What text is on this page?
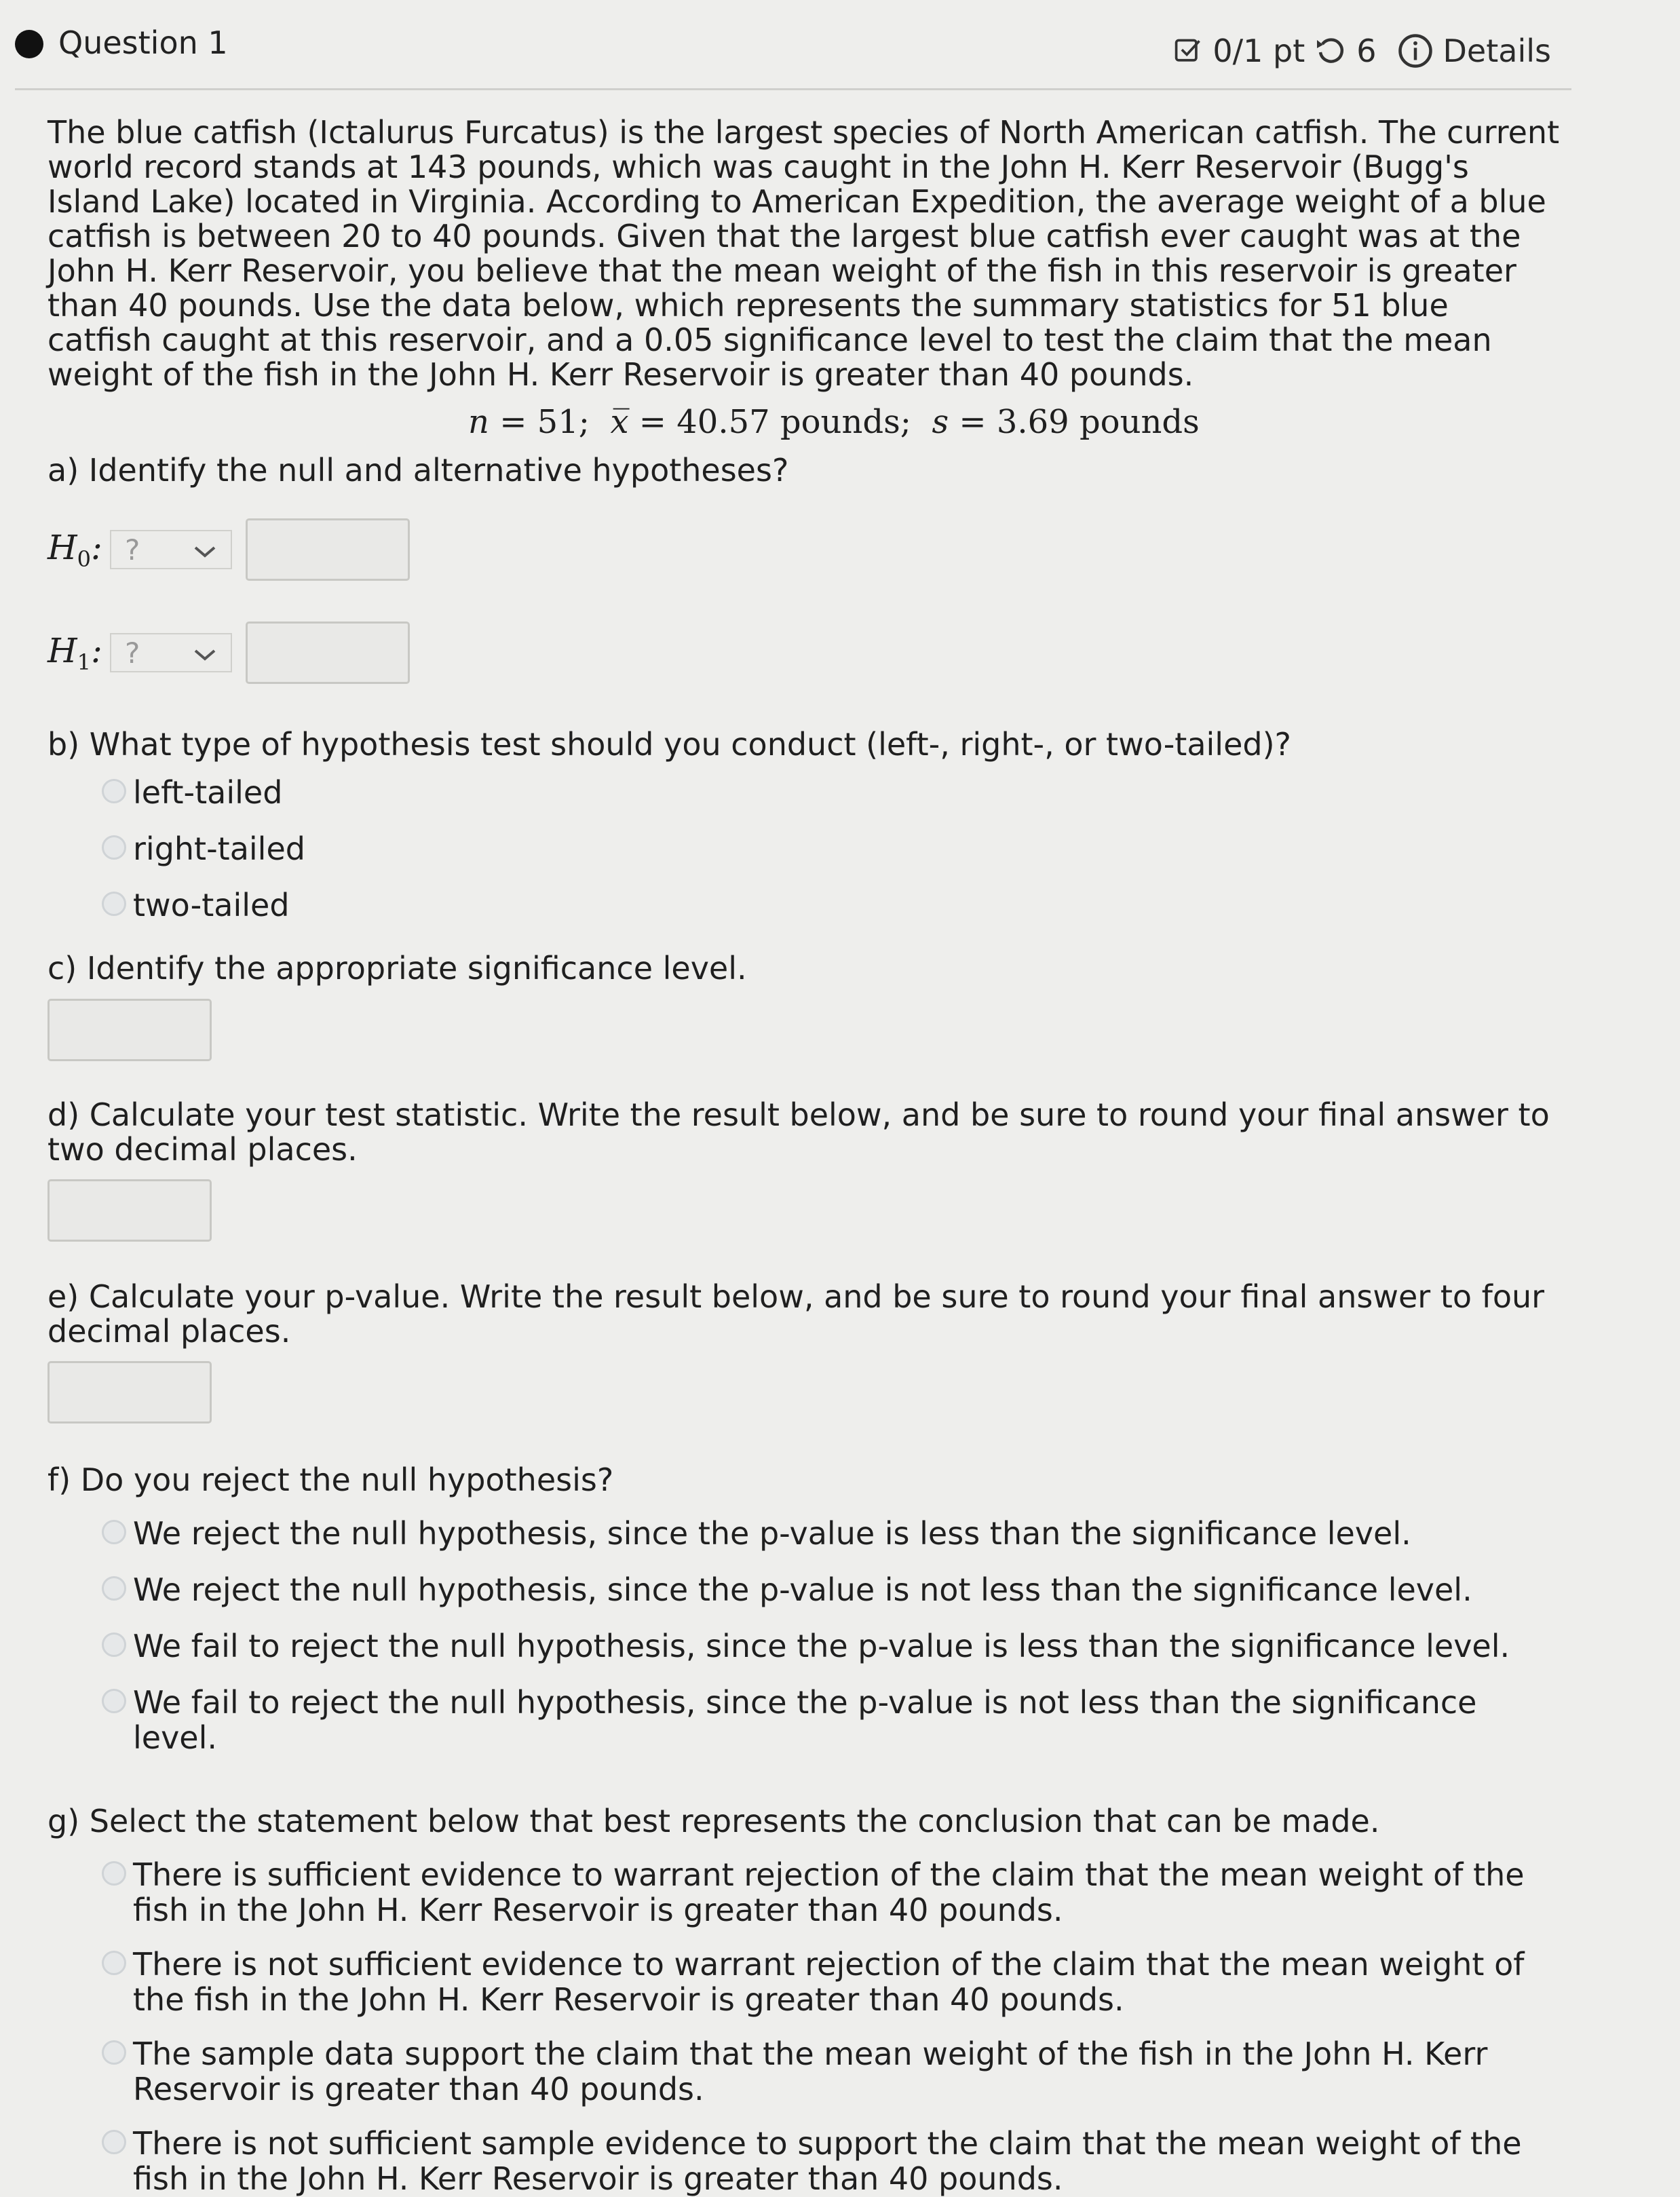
Question 1	0/1 pt 6 Details

The blue catfish (Ictalurus Furcatus) is the largest species of North American catfish. The current world record stands at 143 pounds, which was caught in the John H. Kerr Reservoir (Bugg's Island Lake) located in Virginia. According to American Expedition, the average weight of a blue catfish is between 20 to 40 pounds. Given that the largest blue catfish ever caught was at the John H. Kerr Reservoir, you believe that the mean weight of the fish in this reservoir is greater than 40 pounds. Use the data below, which represents the summary statistics for 51 blue catfish caught at this reservoir, and a 0.05 significance level to test the claim that the mean weight of the fish in the John H. Kerr Reservoir is greater than 40 pounds.

n = 51; x̅ = 40.57 pounds; s = 3.69 pounds

a) Identify the null and alternative hypotheses?

$H_0$: ?
$H_1$: ?

b) What type of hypothesis test should you conduct (left-, right-, or two-tailed)?

left-tailed
right-tailed
two-tailed

c) Identify the appropriate significance level.

d) Calculate your test statistic. Write the result below, and be sure to round your final answer to two decimal places.

e) Calculate your p-value. Write the result below, and be sure to round your final answer to four decimal places.

f) Do you reject the null hypothesis?

We reject the null hypothesis, since the p-value is less than the significance level.
We reject the null hypothesis, since the p-value is not less than the significance level.
We fail to reject the null hypothesis, since the p-value is less than the significance level.
We fail to reject the null hypothesis, since the p-value is not less than the significance level.

g) Select the statement below that best represents the conclusion that can be made.

There is sufficient evidence to warrant rejection of the claim that the mean weight of the fish in the John H. Kerr Reservoir is greater than 40 pounds.
There is not sufficient evidence to warrant rejection of the claim that the mean weight of the fish in the John H. Kerr Reservoir is greater than 40 pounds.
The sample data support the claim that the mean weight of the fish in the John H. Kerr Reservoir is greater than 40 pounds.
There is not sufficient sample evidence to support the claim that the mean weight of the fish in the John H. Kerr Reservoir is greater than 40 pounds.
